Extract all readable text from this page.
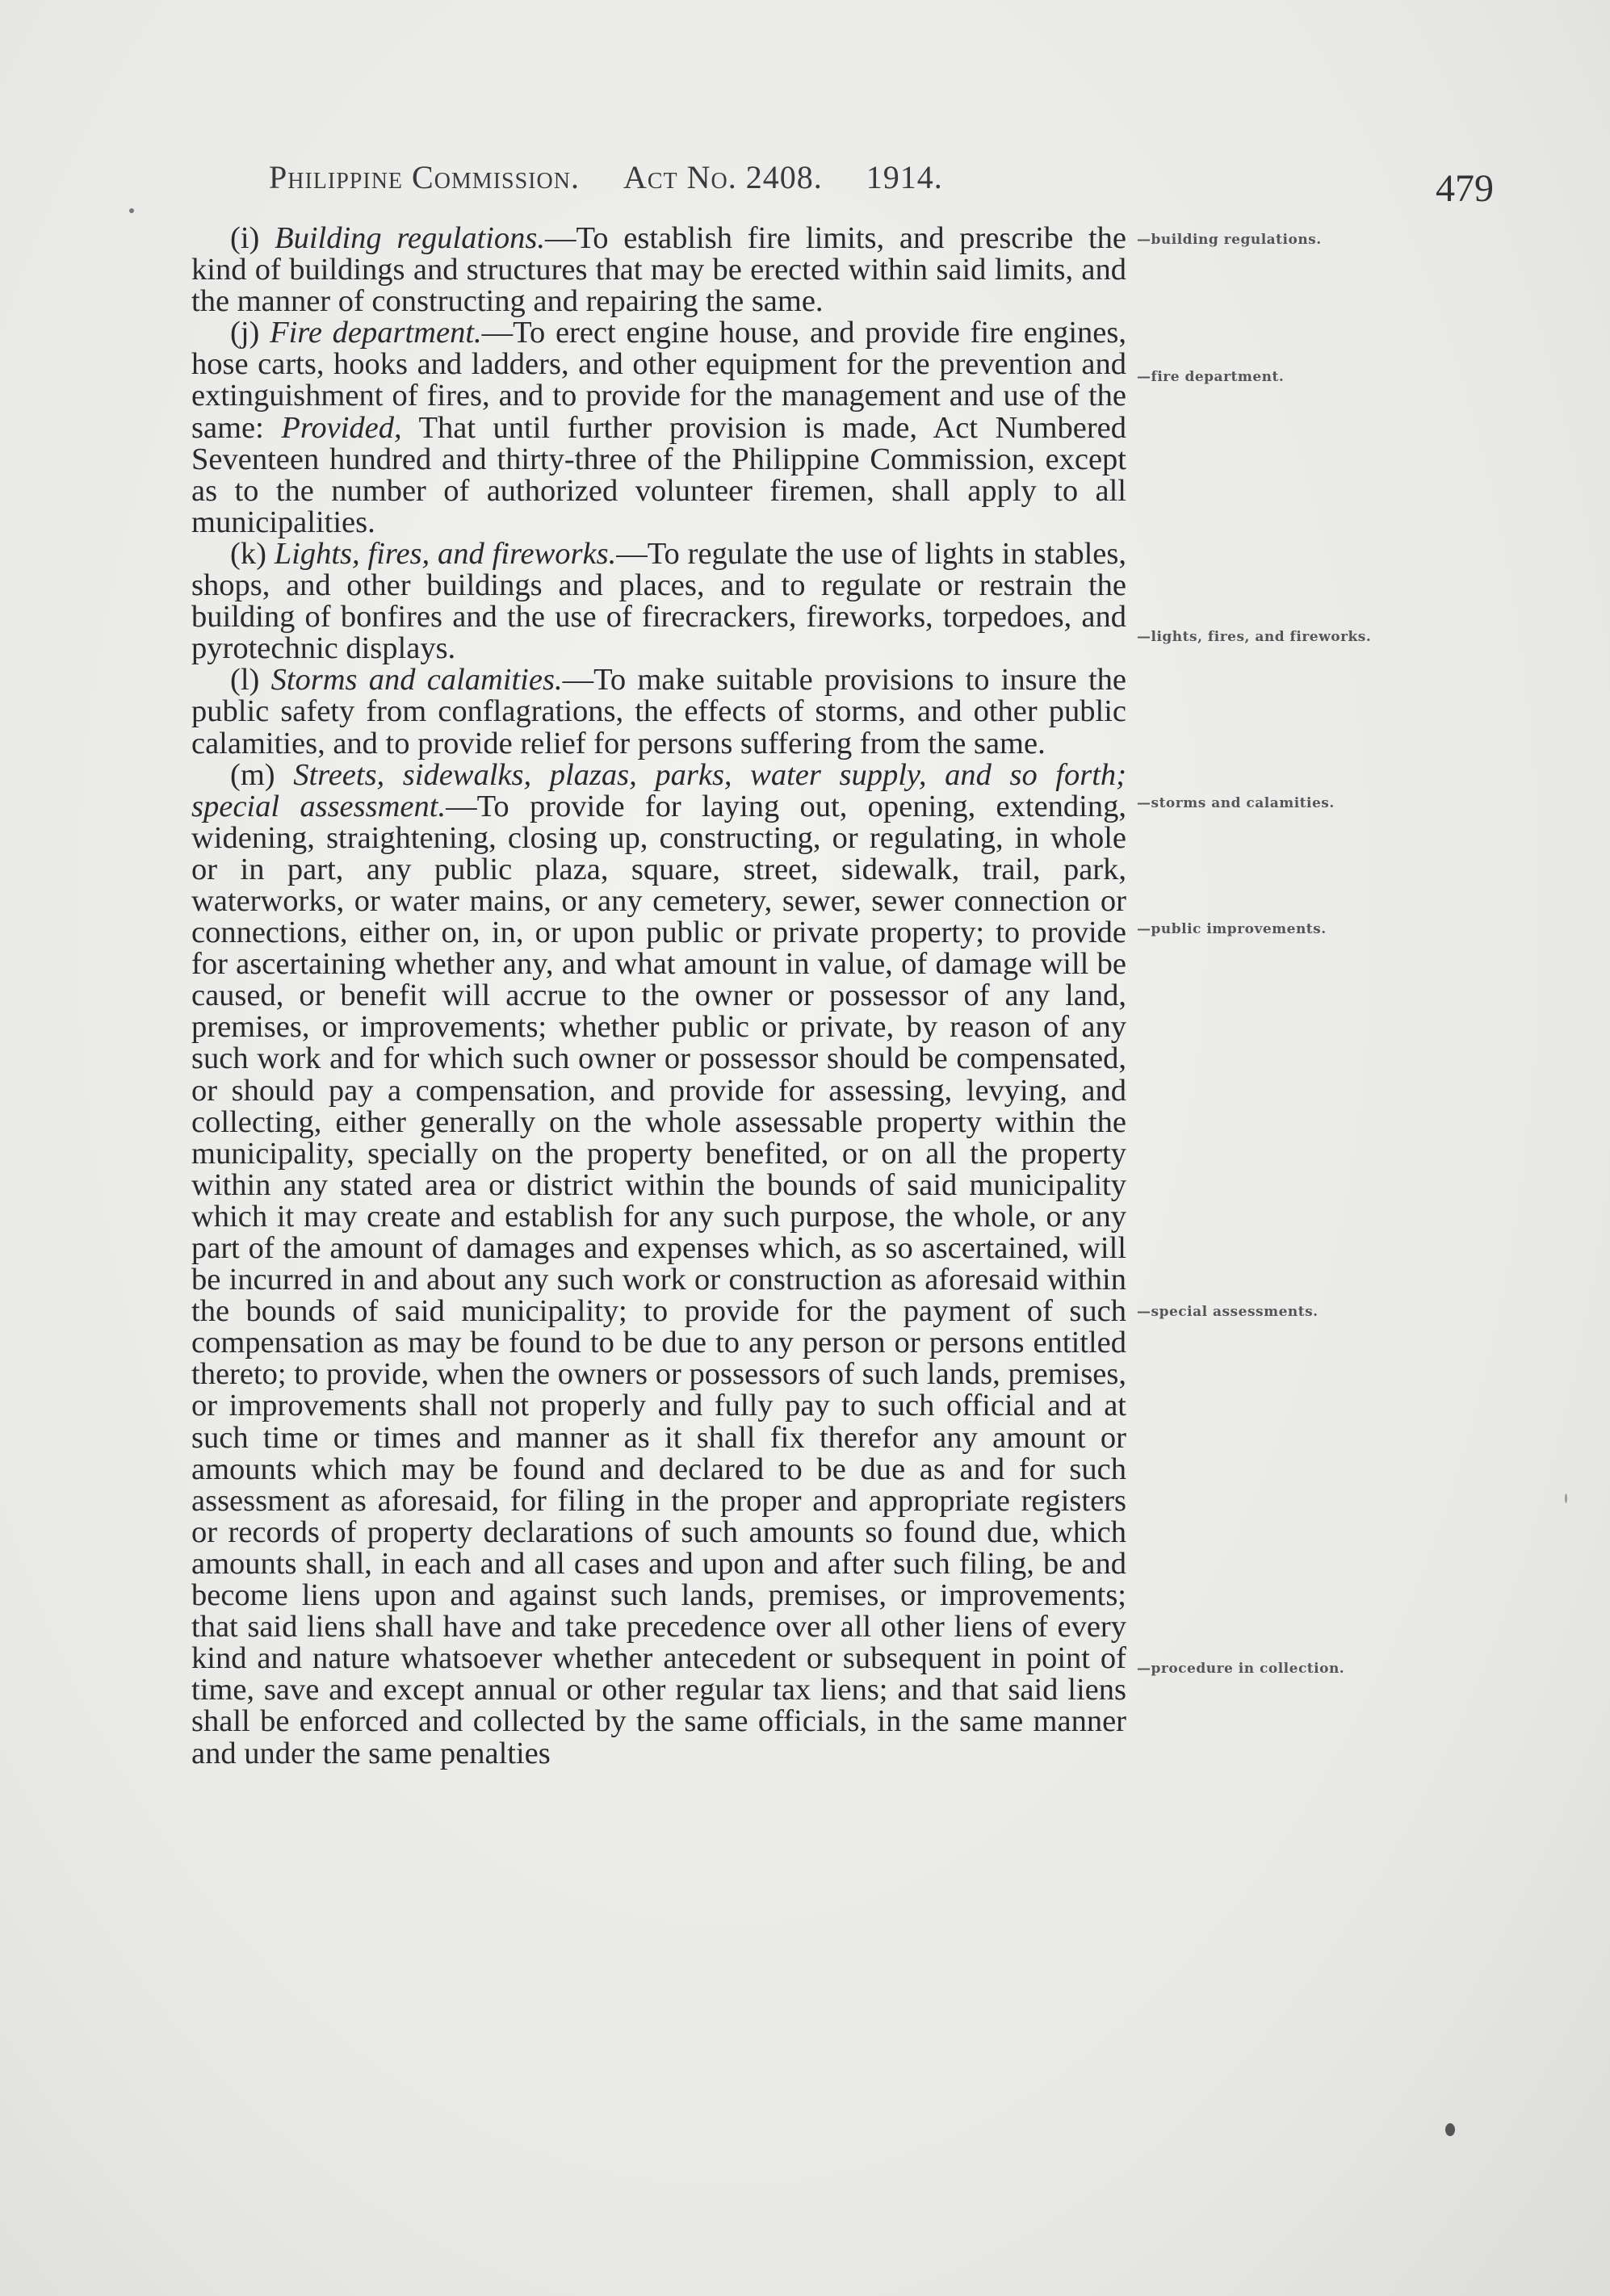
Philippine Commission. Act No. 2408. 1914.	479

(i) Building regulations.—To establish fire limits, and prescribe the kind of buildings and structures that may be erected within said limits, and the manner of constructing and repairing the same.

(j) Fire department.—To erect engine house, and provide fire engines, hose carts, hooks and ladders, and other equipment for the prevention and extinguishment of fires, and to provide for the management and use of the same: Provided, That until further provision is made, Act Numbered Seventeen hundred and thirty-three of the Philippine Commission, except as to the number of authorized volunteer firemen, shall apply to all municipalities.

(k) Lights, fires, and fireworks.—To regulate the use of lights in stables, shops, and other buildings and places, and to regulate or restrain the building of bonfires and the use of firecrackers, fireworks, torpedoes, and pyrotechnic displays.

(l) Storms and calamities.—To make suitable provisions to insure the public safety from conflagrations, the effects of storms, and other public calamities, and to provide relief for persons suffering from the same.

(m) Streets, sidewalks, plazas, parks, water supply, and so forth; special assessment.—To provide for laying out, opening, extending, widening, straightening, closing up, constructing, or regulating, in whole or in part, any public plaza, square, street, sidewalk, trail, park, waterworks, or water mains, or any cemetery, sewer, sewer connection or connections, either on, in, or upon public or private property; to provide for ascertaining whether any, and what amount in value, of damage will be caused, or benefit will accrue to the owner or possessor of any land, premises, or improvements; whether public or private, by reason of any such work and for which such owner or possessor should be compensated, or should pay a compensation, and provide for assessing, levying, and collecting, either generally on the whole assessable property within the municipality, specially on the property benefited, or on all the property within any stated area or district within the bounds of said municipality which it may create and establish for any such purpose, the whole, or any part of the amount of damages and expenses which, as so ascertained, will be incurred in and about any such work or construction as aforesaid within the bounds of said municipality; to provide for the payment of such compensation as may be found to be due to any person or persons entitled thereto; to provide, when the owners or possessors of such lands, premises, or improvements shall not properly and fully pay to such official and at such time or times and manner as it shall fix therefor any amount or amounts which may be found and declared to be due as and for such assessment as aforesaid, for filing in the proper and appropriate registers or records of property declarations of such amounts so found due, which amounts shall, in each and all cases and upon and after such filing, be and become liens upon and against such lands, premises, or improvements; that said liens shall have and take precedence over all other liens of every kind and nature whatsoever whether antecedent or subsequent in point of time, save and except annual or other regular tax liens; and that said liens shall be enforced and collected by the same officials, in the same manner and under the same penalties

—building regulations.
—fire department.
—lights, fires, and fireworks.
—storms and calamities.
—public improvements.
—special assessments.
—procedure in collection.
